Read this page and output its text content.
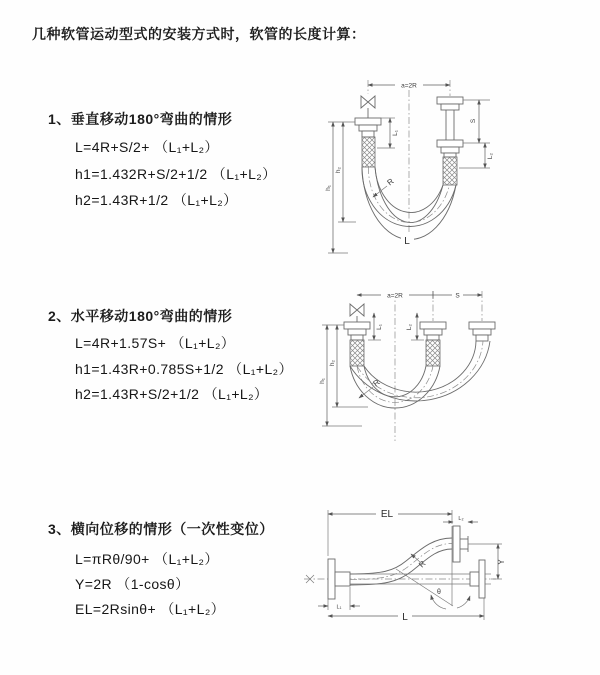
几种软管运动型式的安装方式时，软管的长度计算：
1、垂直移动180°弯曲的情形
L=4R+S/2+ （L₁+L₂）
h1=1.432R+S/2+1/2 （L₁+L₂）
h2=1.43R+1/2 （L₁+L₂）
2、水平移动180°弯曲的情形
L=4R+1.57S+ （L₁+L₂）
h1=1.43R+0.785S+1/2 （L₁+L₂）
h2=1.43R+S/2+1/2 （L₁+L₂）
3、横向位移的情形（一次性变位）
L=πRθ/90+ （L₁+L₂）
Y=2R （1-cosθ）
EL=2Rsinθ+ （L₁+L₂）
a=2R
h₁
h₂
L₁
S
L₂
R
L
a=2R	S
h₁
h₂
L₁	L₂
R
EL	L₂
Y
θ
R
L₁
L
